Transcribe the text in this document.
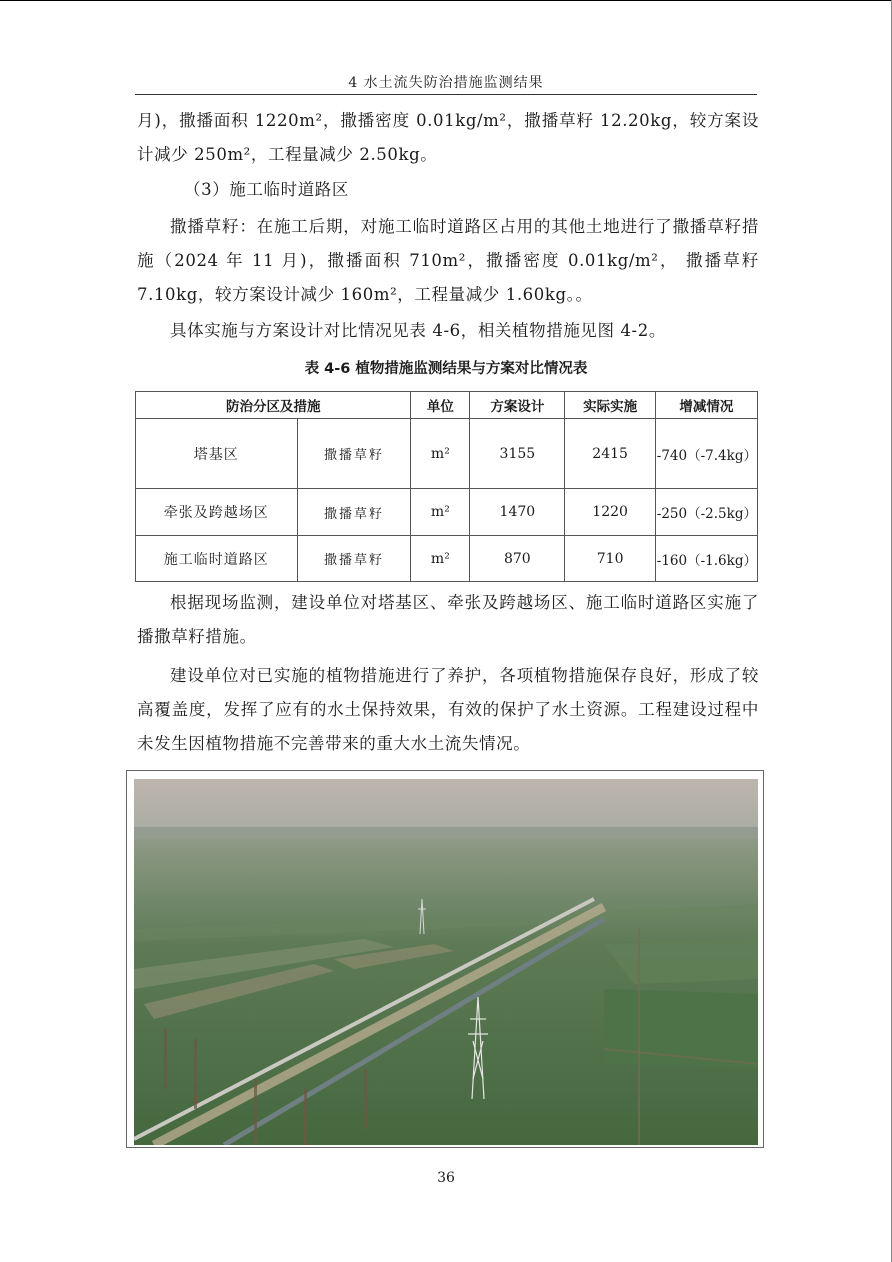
4 水土流失防治措施监测结果

月)，撒播面积 1220m²，撒播密度 0.01kg/m²，撒播草籽 12.20kg，较方案设计减少 250m²，工程量减少 2.50kg。

（3）施工临时道路区

撒播草籽：在施工后期，对施工临时道路区占用的其他土地进行了撒播草籽措施（2024 年 11 月)，撒播面积 710m²，撒播密度 0.01kg/m²， 撒播草籽 7.10kg，较方案设计减少 160m²，工程量减少 1.60kg。。

具体实施与方案设计对比情况见表 4-6，相关植物措施见图 4-2。

表 4-6 植物措施监测结果与方案对比情况表
防治分区及措施		单位	方案设计	实际实施	增减情况
塔基区	撒播草籽	m²	3155	2415	-740（-7.4kg）
牵张及跨越场区	撒播草籽	m²	1470	1220	-250（-2.5kg）
施工临时道路区	撒播草籽	m²	870	710	-160（-1.6kg）

根据现场监测，建设单位对塔基区、牵张及跨越场区、施工临时道路区实施了播撒草籽措施。

建设单位对已实施的植物措施进行了养护，各项植物措施保存良好，形成了较高覆盖度，发挥了应有的水土保持效果，有效的保护了水土资源。工程建设过程中未发生因植物措施不完善带来的重大水土流失情况。

36
